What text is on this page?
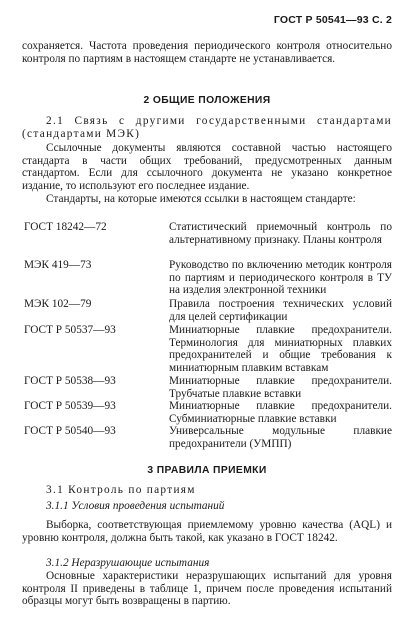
ГОСТ Р 50541—93 С. 2
сохраняется. Частота проведения периодического контроля относительно контроля по партиям в настоящем стандарте не устанавливается.
2 ОБЩИЕ ПОЛОЖЕНИЯ
2.1 Связь с другими государственными стандартами (стандартами МЭК)
Ссылочные документы являются составной частью настоящего стандарта в части общих требований, предусмотренных данным стандартом. Если для ссылочного документа не указано конкретное издание, то используют его последнее издание.
Стандарты, на которые имеются ссылки в настоящем стандарте:
ГОСТ 18242—72	Статистический приемочный контроль по альтернативному признаку. Планы контроля
МЭК 419—73	Руководство по включению методик контроля по партиям и периодического контроля в ТУ на изделия электронной техники
МЭК 102—79	Правила построения технических условий для целей сертификации
ГОСТ Р 50537—93	Миниатюрные плавкие предохранители. Терминология для миниатюрных плавких предохранителей и общие требования к миниатюрным плавким вставкам
ГОСТ Р 50538—93	Миниатюрные плавкие предохранители. Трубчатые плавкие вставки
ГОСТ Р 50539—93	Миниатюрные плавкие предохранители. Субминиатюрные плавкие вставки
ГОСТ Р 50540—93	Универсальные модульные плавкие предохранители (УМПП)
3 ПРАВИЛА ПРИЕМКИ
3.1 Контроль по партиям
3.1.1 Условия проведения испытаний
Выборка, соответствующая приемлемому уровню качества (AQL) и уровню контроля, должна быть такой, как указано в ГОСТ 18242.
3.1.2 Неразрушающие испытания
Основные характеристики неразрушающих испытаний для уровня контроля II приведены в таблице 1, причем после проведения испытаний образцы могут быть возвращены в партию.
